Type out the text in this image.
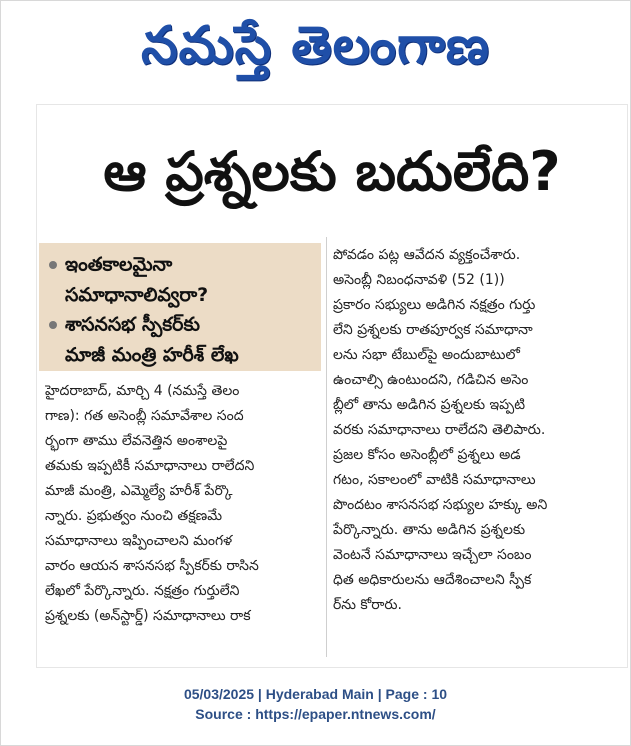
నమస్తే తెలంగాణ
ఆ ప్రశ్నలకు బదులేది?
ఇంతకాలమైనా
సమాధానాలివ్వరా?
శాసనసభ స్పీకర్‌కు
మాజీ మంత్రి హరీశ్‌ లేఖ
హైదరాబాద్‌, మార్చి 4 (నమస్తే తెలం
గాణ): గత అసెంబ్లీ సమావేశాల సంద
ర్భంగా తాము లేవనెత్తిన అంశాలపై
తమకు ఇప్పటికీ సమాధానాలు రాలేదని
మాజీ మంత్రి, ఎమ్మెల్యే హరీశ్‌ పేర్కొ
న్నారు. ప్రభుత్వం నుంచి తక్షణమే
సమాధానాలు ఇప్పించాలని మంగళ
వారం ఆయన శాసనసభ స్పీకర్‌కు రాసిన
లేఖలో పేర్కొన్నారు. నక్షత్రం గుర్తులేని
ప్రశ్నలకు (అన్‌స్టార్డ్‌) సమాధానాలు రాక
పోవడం పట్ల ఆవేదన వ్యక్తంచేశారు.
అసెంబ్లీ నిబంధనావళి (52 (1))
ప్రకారం సభ్యులు అడిగిన నక్షత్రం గుర్తు
లేని ప్రశ్నలకు రాతపూర్వక సమాధానా
లను సభా టేబుల్‌పై అందుబాటులో
ఉంచాల్సి ఉంటుందని, గడిచిన అసెం
బ్లీలో తాను అడిగిన ప్రశ్నలకు ఇప్పటి
వరకు సమాధానాలు రాలేదని తెలిపారు.
ప్రజల కోసం అసెంబ్లీలో ప్రశ్నలు అడ
గటం, సకాలంలో వాటికి సమాధానాలు
పొందటం శాసనసభ సభ్యుల హక్కు అని
పేర్కొన్నారు. తాను అడిగిన ప్రశ్నలకు
వెంటనే సమాధానాలు ఇచ్చేలా సంబం
ధిత అధికారులను ఆదేశించాలని స్పీక
ర్‌ను కోరారు.
05/03/2025 | Hyderabad Main | Page : 10
Source : https://epaper.ntnews.com/
